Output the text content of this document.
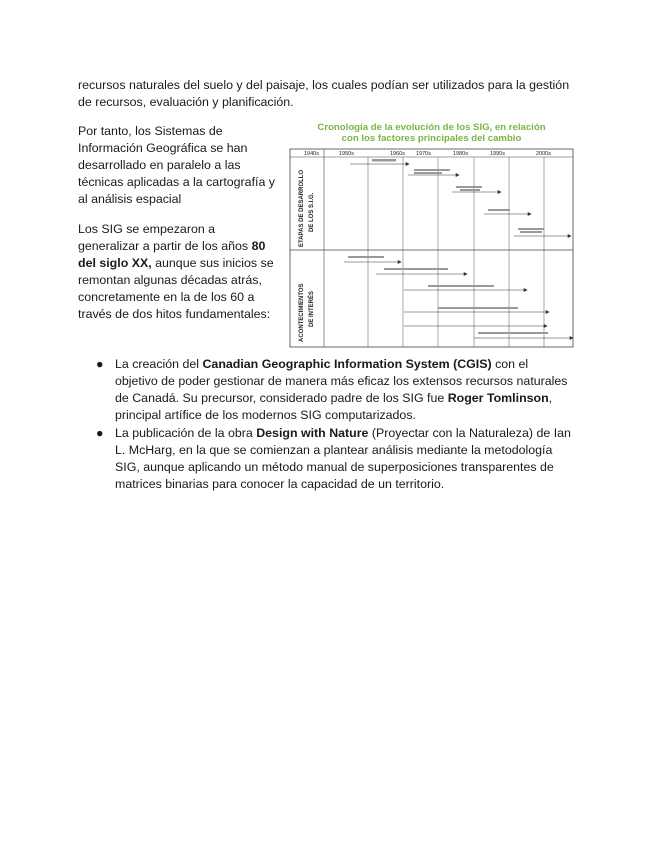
recursos naturales del suelo y del paisaje, los cuales podían ser utilizados para la gestión de recursos, evaluación y planificación.

Por tanto, los Sistemas de Información Geográfica se han desarrollado en paralelo a las técnicas aplicadas a la cartografía y al análisis espacial

Los SIG se empezaron a generalizar a partir de los años 80 del siglo XX, aunque sus inicios se remontan algunas décadas atrás, concretamente en la de los 60 a través de dos hitos fundamentales:

Cronología de la evolución de los SIG, en relación
con los factores principales del cambio
1940s	1950s	1960s 1970s	1980s	1990s	2000s
ETAPAS DE DESARROLLO DE LOS S.I.G.
ACONTECIMIENTOS DE INTERÉS
● La creación del Canadian Geographic Information System (CGIS) con el objetivo de poder gestionar de manera más eficaz los extensos recursos naturales de Canadá. Su precursor, considerado padre de los SIG fue Roger Tomlinson, principal artífice de los modernos SIG computarizados.
● La publicación de la obra Design with Nature (Proyectar con la Naturaleza) de Ian L. McHarg, en la que se comienzan a plantear análisis mediante la metodología SIG, aunque aplicando un método manual de superposiciones transparentes de matrices binarias para conocer la capacidad de un territorio.
